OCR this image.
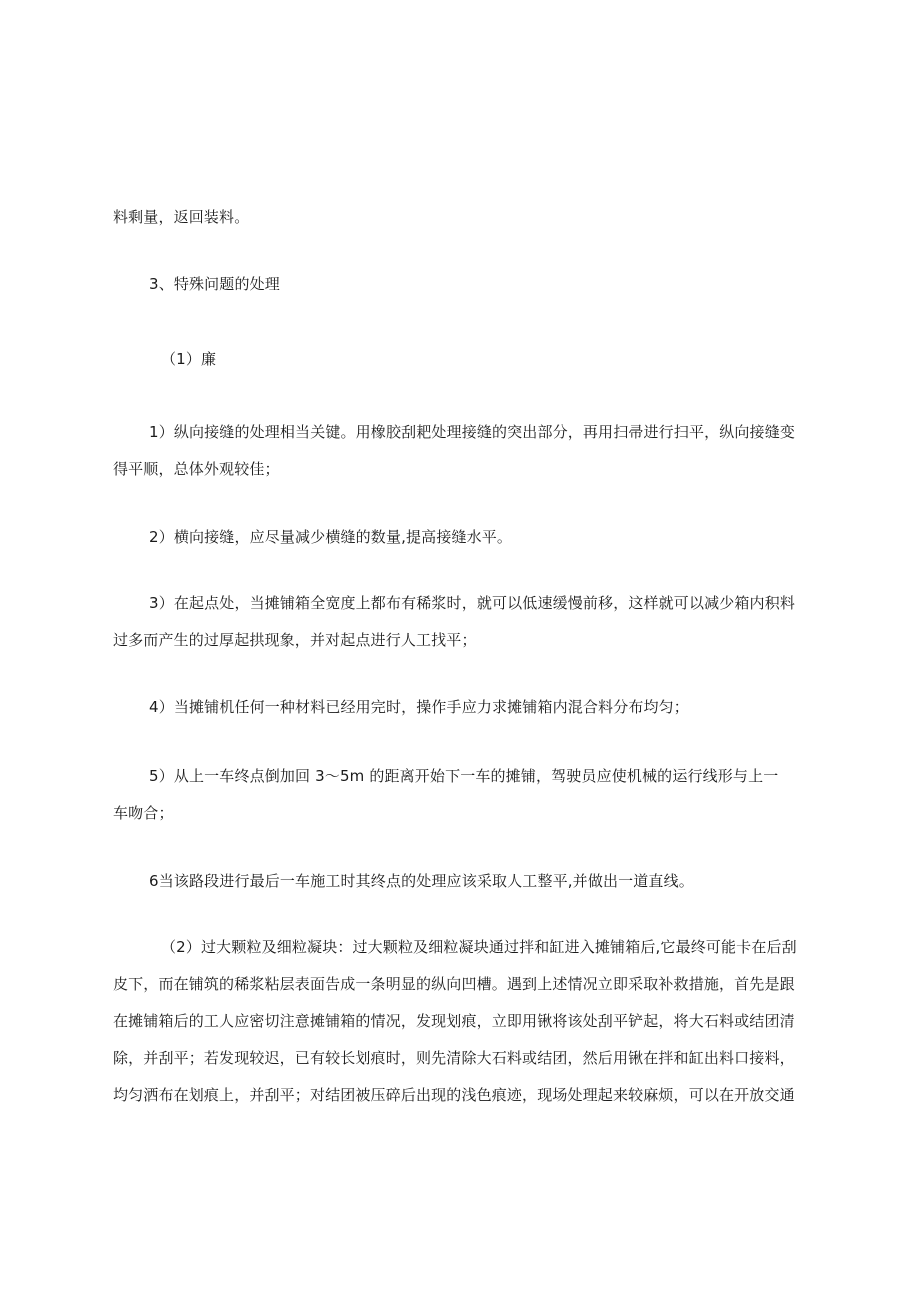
料剩量，返回装料。
3、特殊问题的处理
（1）廉
1）纵向接缝的处理相当关键。用橡胶刮耙处理接缝的突出部分，再用扫帚进行扫平，纵向接缝变
得平顺，总体外观较佳；
2）横向接缝，应尽量减少横缝的数量,提高接缝水平。
3）在起点处，当摊铺箱全宽度上都布有稀浆时，就可以低速缓慢前移，这样就可以减少箱内积料
过多而产生的过厚起拱现象，并对起点进行人工找平；
4）当摊铺机任何一种材料已经用完时，操作手应力求摊铺箱内混合料分布均匀；
5）从上一车终点倒加回 3～5m 的距离开始下一车的摊铺，驾驶员应使机械的运行线形与上一
车吻合；
6当该路段进行最后一车施工时其终点的处理应该采取人工整平,并做出一道直线。
（2）过大颗粒及细粒凝块：过大颗粒及细粒凝块通过拌和缸进入摊铺箱后,它最终可能卡在后刮
皮下，而在铺筑的稀浆粘层表面告成一条明显的纵向凹槽。遇到上述情况立即采取补救措施，首先是跟
在摊铺箱后的工人应密切注意摊铺箱的情况，发现划痕，立即用锹将该处刮平铲起，将大石料或结团清
除，并刮平；若发现较迟，已有较长划痕时，则先清除大石料或结团，然后用锹在拌和缸出料口接料，
均匀洒布在划痕上，并刮平；对结团被压碎后出现的浅色痕迹，现场处理起来较麻烦，可以在开放交通
